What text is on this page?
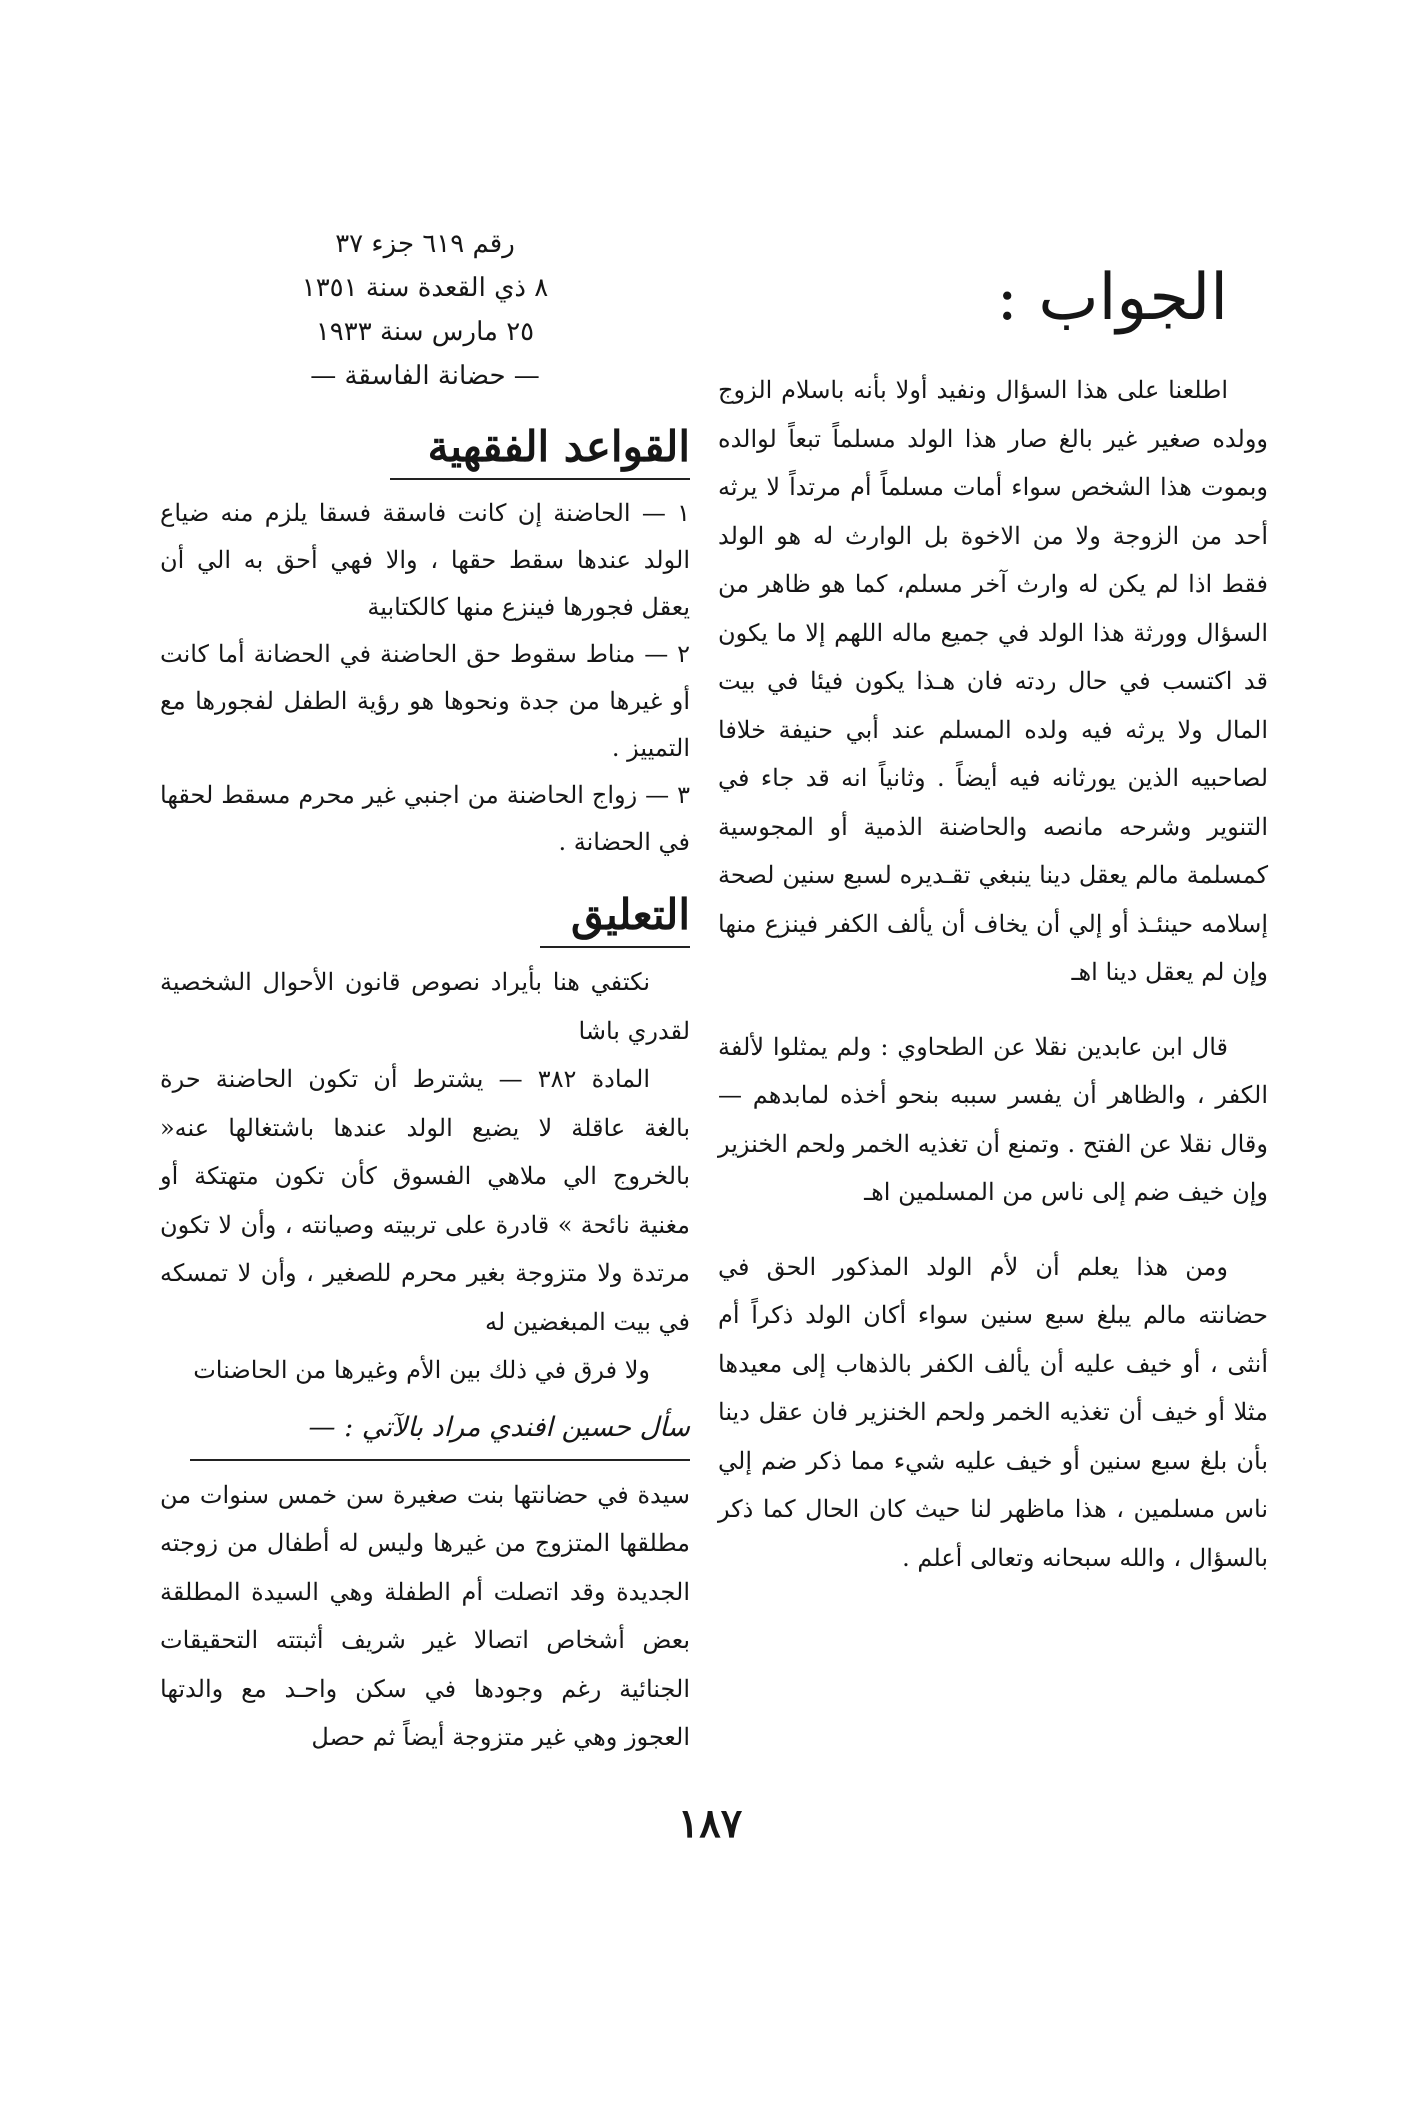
الجواب :

اطلعنا على هذا السؤال ونفيد أولا بأنه باسلام الزوج وولده صغير غير بالغ صار هذا الولد مسلماً تبعاً لوالده وبموت هذا الشخص سواء أمات مسلماً أم مرتداً لا يرثه أحد من الزوجة ولا من الاخوة بل الوارث له هو الولد فقط اذا لم يكن له وارث آخر مسلم، كما هو ظاهر من السؤال وورثة هذا الولد في جميع ماله اللهم إلا ما يكون قد اكتسب في حال ردته فان هـذا يكون فيئا في بيت المال ولا يرثه فيه ولده المسلم عند أبي حنيفة خلافا لصاحبيه الذين يورثانه فيه أيضاً . وثانياً انه قد جاء في التنوير وشرحه مانصه والحاضنة الذمية أو المجوسية كمسلمة مالم يعقل دينا ينبغي تقـديره لسبع سنين لصحة إسلامه حينئـذ أو إلي أن يخاف أن يألف الكفر فينزع منها وإن لم يعقل دينا اهـ

قال ابن عابدين نقلا عن الطحاوي : ولم يمثلوا لألفة الكفر ، والظاهر أن يفسر سببه بنحو أخذه لمابدهم — وقال نقلا عن الفتح . وتمنع أن تغذيه الخمر ولحم الخنزير وإن خيف ضم إلى ناس من المسلمين اهـ

ومن هذا يعلم أن لأم الولد المذكور الحق في حضانته مالم يبلغ سبع سنين سواء أكان الولد ذكراً أم أنثى ، أو خيف عليه أن يألف الكفر بالذهاب إلى معيدها مثلا أو خيف أن تغذيه الخمر ولحم الخنزير فان عقل دينا بأن بلغ سبع سنين أو خيف عليه شيء مما ذكر ضم إلي ناس مسلمين ، هذا ماظهر لنا حيث كان الحال كما ذكر بالسؤال ، والله سبحانه وتعالى أعلم .

رقم ٦١٩ جزء ٣٧
٨ ذي القعدة سنة ١٣٥١
٢٥ مارس سنة ١٩٣٣
— حضانة الفاسقة —
القواعد الفقهية

١ — الحاضنة إن كانت فاسقة فسقا يلزم منه ضياع الولد عندها سقط حقها ، والا فهي أحق به الي أن يعقل فجورها فينزع منها كالكتابية

٢ — مناط سقوط حق الحاضنة في الحضانة أما كانت أو غيرها من جدة ونحوها هو رؤية الطفل لفجورها مع التمييز .

٣ — زواج الحاضنة من اجنبي غير محرم مسقط لحقها في الحضانة .

التعليق

نكتفي هنا بأيراد نصوص قانون الأحوال الشخصية لقدري باشا

المادة ٣٨٢ — يشترط أن تكون الحاضنة حرة بالغة عاقلة لا يضيع الولد عندها باشتغالها عنه« بالخروج الي ملاهي الفسوق كأن تكون متهتكة أو مغنية نائحة » قادرة على تربيته وصيانته ، وأن لا تكون مرتدة ولا متزوجة بغير محرم للصغير ، وأن لا تمسكه في بيت المبغضين له

ولا فرق في ذلك بين الأم وغيرها من الحاضنات

سأل حسين افندي مراد بالآتي : —

سيدة في حضانتها بنت صغيرة سن خمس سنوات من مطلقها المتزوج من غيرها وليس له أطفال من زوجته الجديدة وقد اتصلت أم الطفلة وهي السيدة المطلقة بعض أشخاص اتصالا غير شريف أثبتته التحقيقات الجنائية رغم وجودها في سكن واحـد مع والدتها العجوز وهي غير متزوجة أيضاً ثم حصل

١٨٧
